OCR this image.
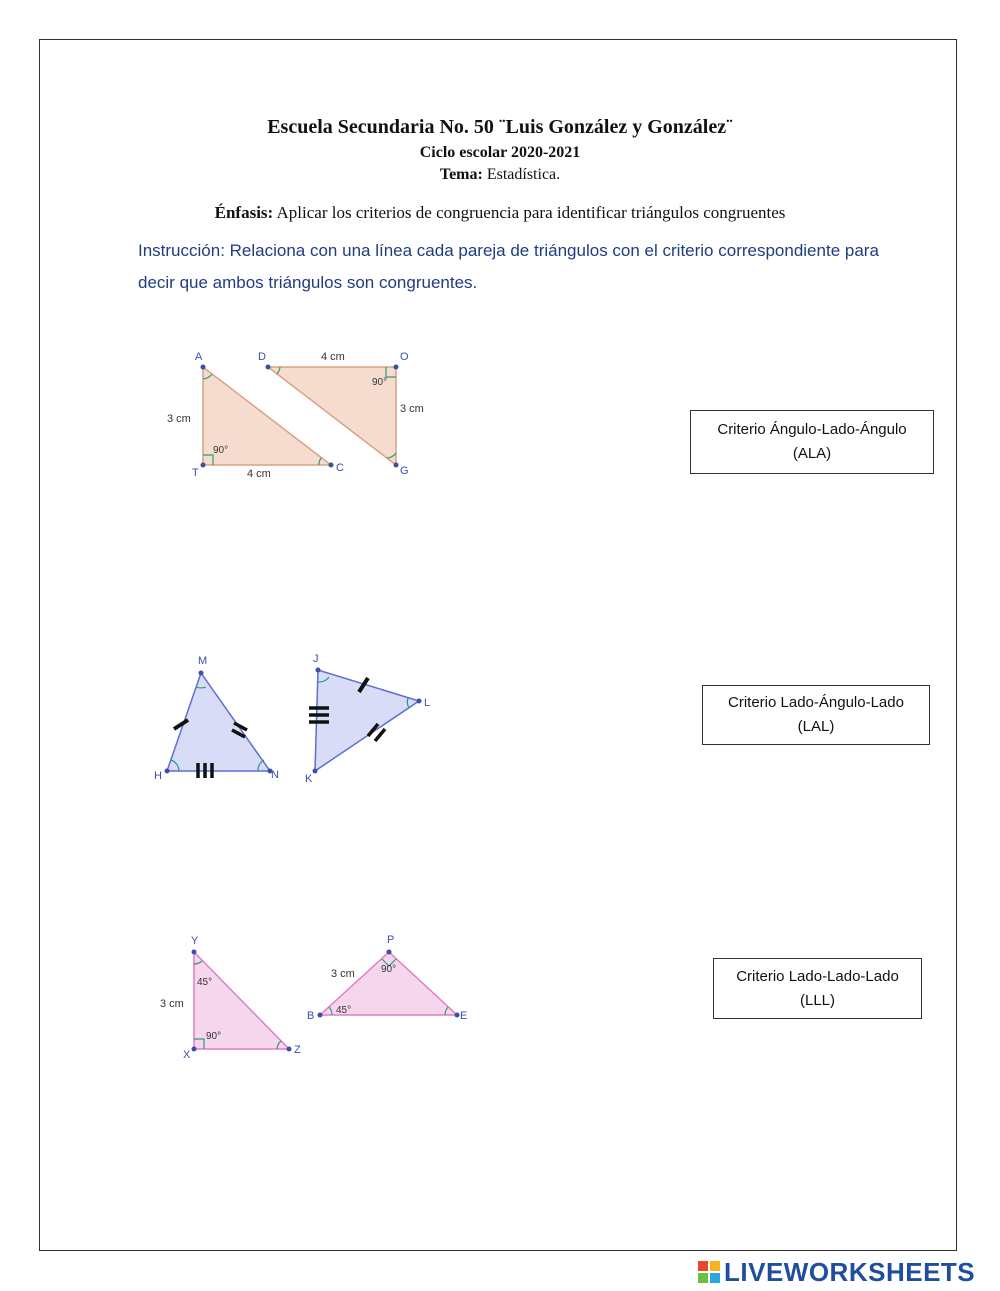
Escuela Secundaria No. 50 ¨Luis González y González¨
Ciclo escolar 2020-2021
Tema: Estadística.
Énfasis: Aplicar los criterios de congruencia para identificar triángulos congruentes
Instrucción: Relaciona con una línea cada pareja de triángulos con el criterio correspondiente para decir que ambos triángulos son congruentes.
A
T	C
D	O
G
3 cm
4 cm
4 cm
3 cm
90°
90°
M
H	N
J
K
L
Y
X	Z
P
B	E
3 cm
3 cm
45°
90°
90°
45°
Criterio Ángulo-Lado-Ángulo
(ALA)
Criterio Lado-Ángulo-Lado
(LAL)
Criterio Lado-Lado-Lado
(LLL)
LIVEWORKSHEETS
